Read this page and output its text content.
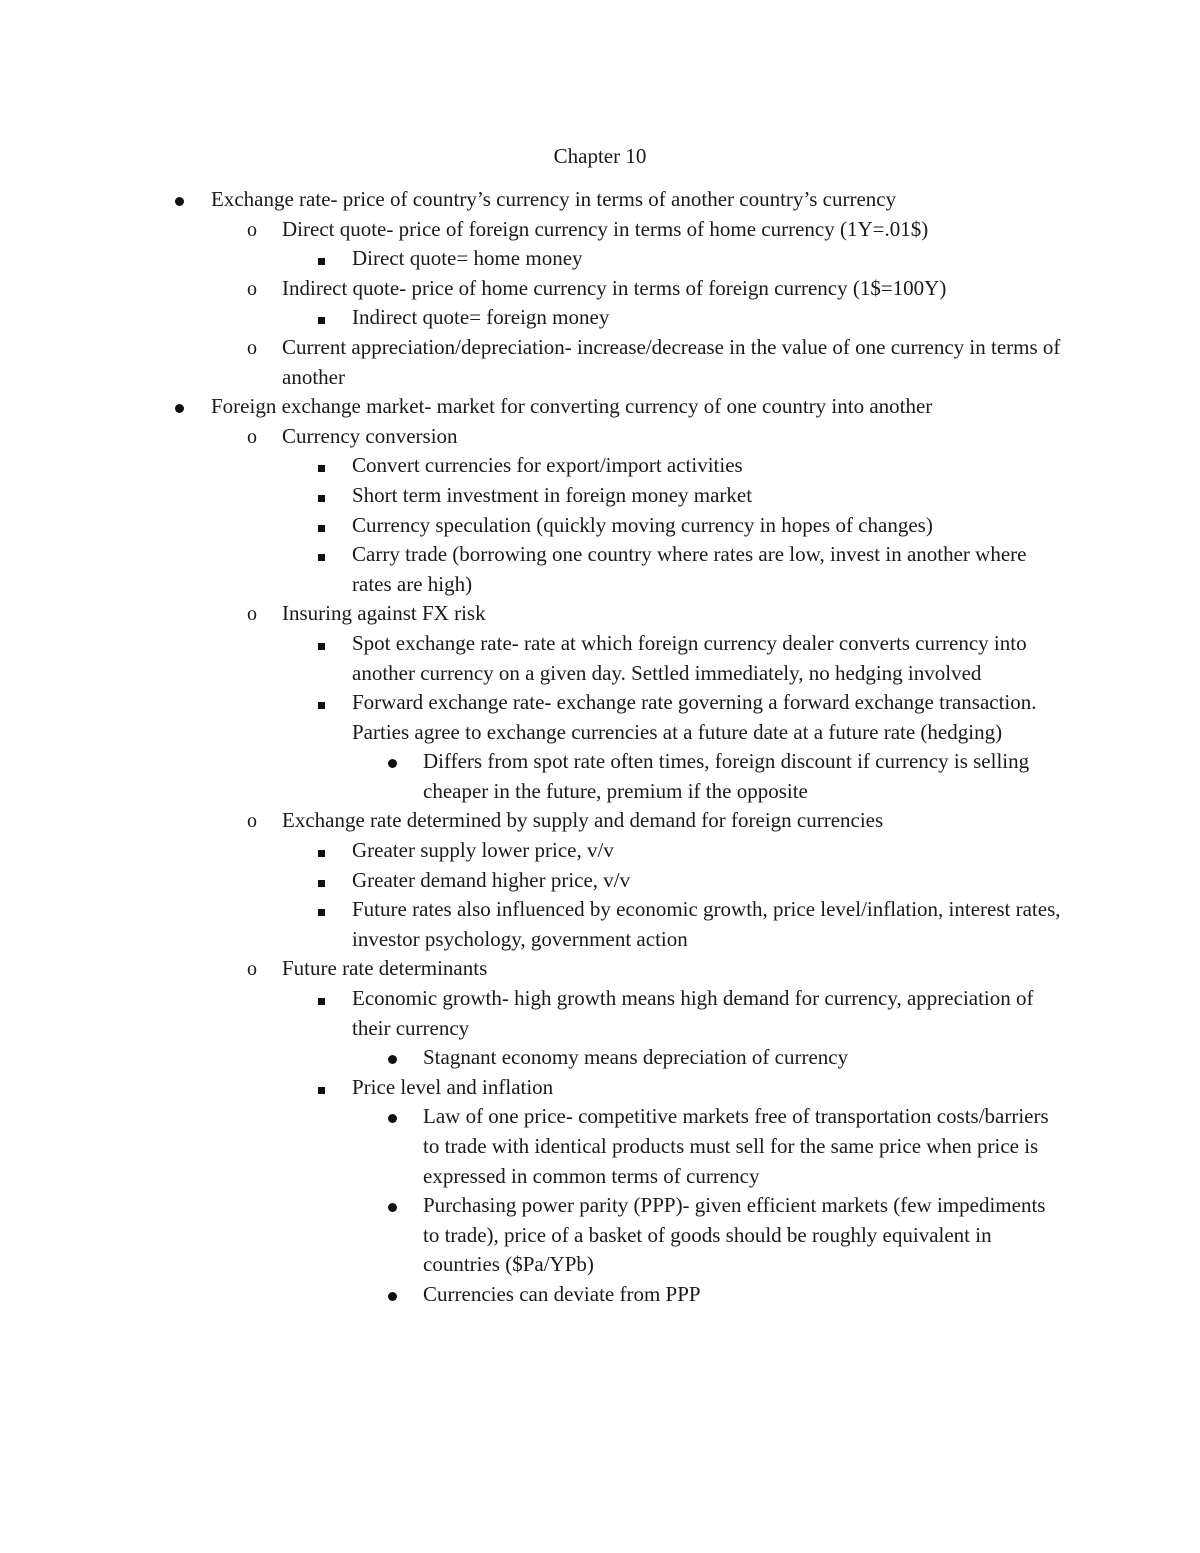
Chapter 10
Exchange rate- price of country’s currency in terms of another country’s currency
o Direct quote- price of foreign currency in terms of home currency (1Y=.01$)
Direct quote= home money
o Indirect quote- price of home currency in terms of foreign currency (1$=100Y)
Indirect quote= foreign money
o Current appreciation/depreciation- increase/decrease in the value of one currency in terms of another
Foreign exchange market- market for converting currency of one country into another
o Currency conversion
Convert currencies for export/import activities
Short term investment in foreign money market
Currency speculation (quickly moving currency in hopes of changes)
Carry trade (borrowing one country where rates are low, invest in another where rates are high)
o Insuring against FX risk
Spot exchange rate- rate at which foreign currency dealer converts currency into another currency on a given day. Settled immediately, no hedging involved
Forward exchange rate- exchange rate governing a forward exchange transaction. Parties agree to exchange currencies at a future date at a future rate (hedging)
Differs from spot rate often times, foreign discount if currency is selling cheaper in the future, premium if the opposite
o Exchange rate determined by supply and demand for foreign currencies
Greater supply lower price, v/v
Greater demand higher price, v/v
Future rates also influenced by economic growth, price level/inflation, interest rates, investor psychology, government action
o Future rate determinants
Economic growth- high growth means high demand for currency, appreciation of their currency
Stagnant economy means depreciation of currency
Price level and inflation
Law of one price- competitive markets free of transportation costs/barriers to trade with identical products must sell for the same price when price is expressed in common terms of currency
Purchasing power parity (PPP)- given efficient markets (few impediments to trade), price of a basket of goods should be roughly equivalent in countries ($Pa/YPb)
Currencies can deviate from PPP
